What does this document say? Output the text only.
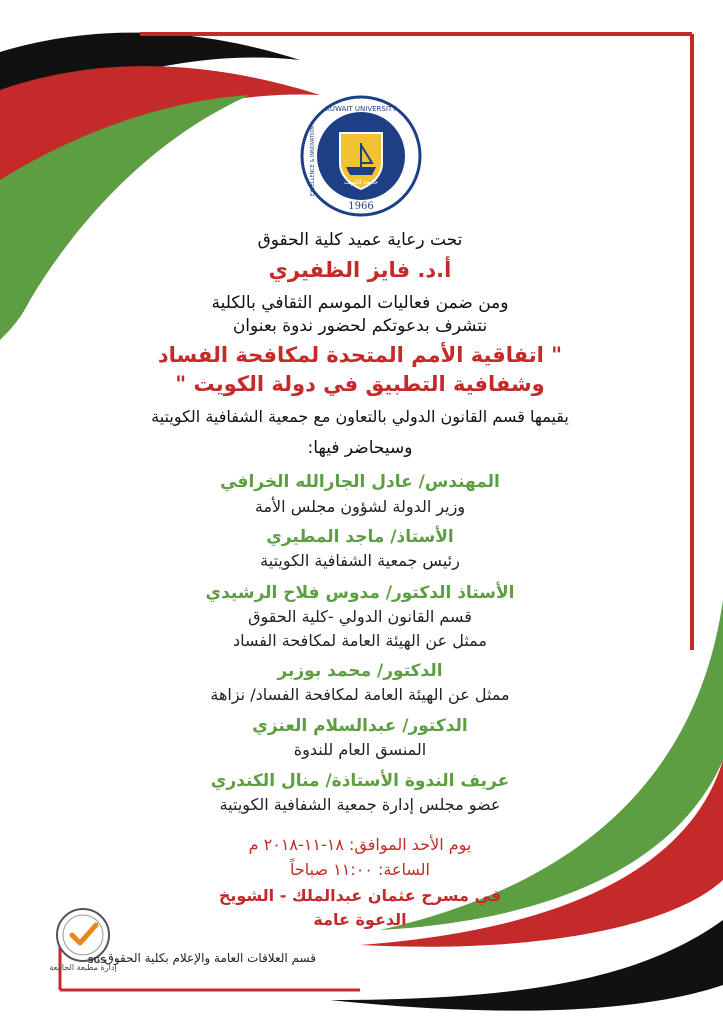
KUWAIT UNIVERSITY
EXCELLENCE & INNOVATION	جامعة الكويت
1966
تحت رعاية عميد كلية الحقوق
أ.د. فايز الظفيري
ومن ضمن فعاليات الموسم الثقافي بالكلية
نتشرف بدعوتكم لحضور ندوة بعنوان
" اتفاقية الأمم المتحدة لمكافحة الفساد
وشفافية التطبيق في دولة الكويت "
يقيمها قسم القانون الدولي بالتعاون مع جمعية الشفافية الكويتية
وسيحاضر فيها:
المهندس/ عادل الجارالله الخرافي
وزير الدولة لشؤون مجلس الأمة
الأستاذ/ ماجد المطيري
رئيس جمعية الشفافية الكويتية
الأستاذ الدكتور/ مدوس فلاح الرشيدي
قسم القانون الدولي -كلية الحقوق
ممثل عن الهيئة العامة لمكافحة الفساد
الدكتور/ محمد بوزبر
ممثل عن الهيئة العامة لمكافحة الفساد/ نزاهة
الدكتور/ عبدالسلام العنزي
المنسق العام للندوة
عريف الندوة الأستاذة/ منال الكندري
عضو مجلس إدارة جمعية الشفافية الكويتية
يوم الأحد الموافق: ١٨-١١-٢٠١٨ م
الساعة: ١١:٠٠ صباحاً
في مسرح عثمان عبدالملك - الشويخ
الدعوة عامة
SGS
إدارة مطبعة الجامعة
قسم العلاقات العامة والإعلام بكلية الحقوق
